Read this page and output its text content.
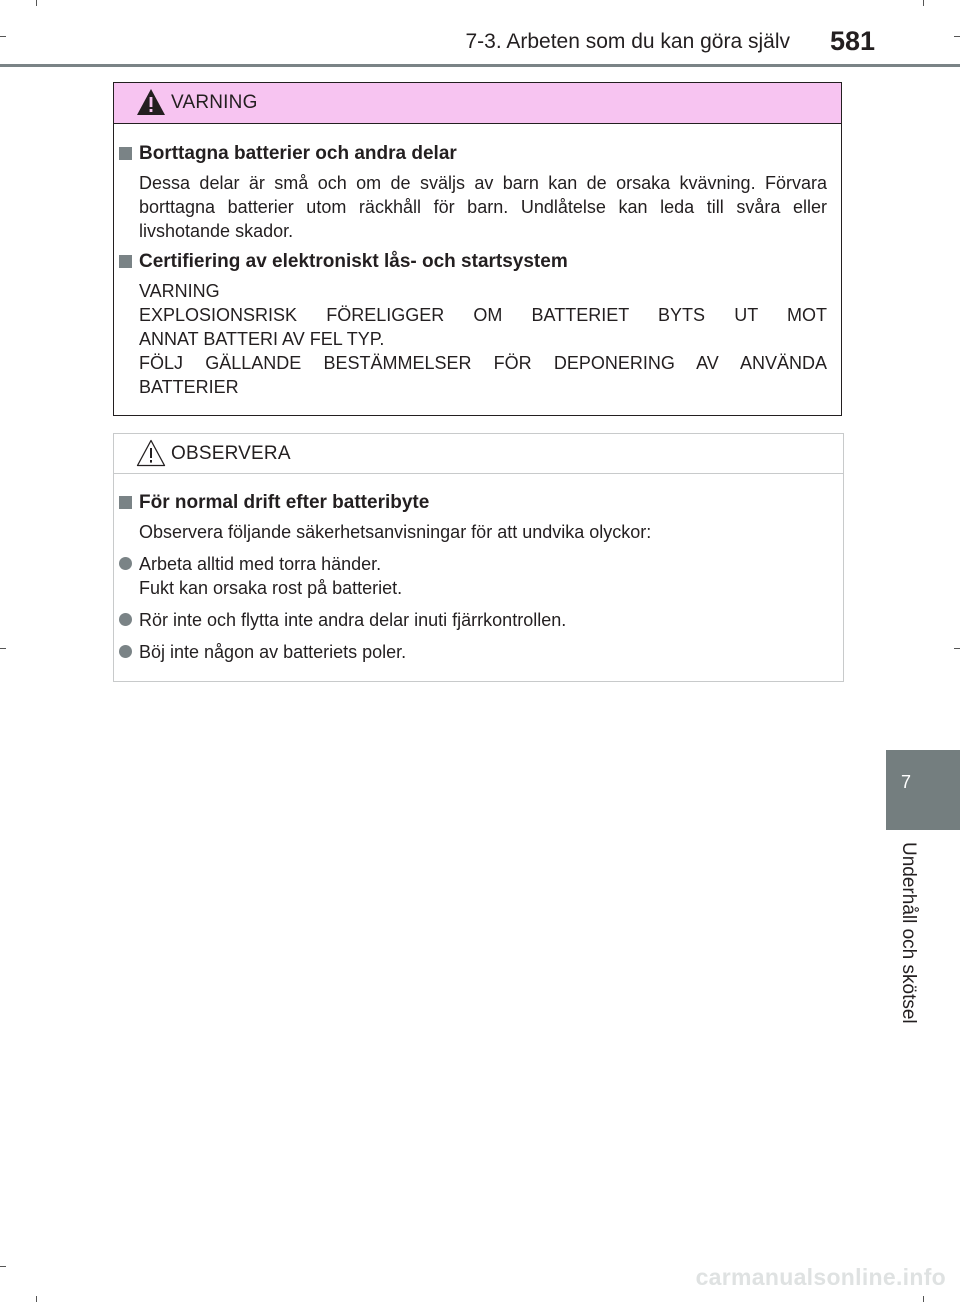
7-3. Arbeten som du kan göra själv 581
VARNING
Borttagna batterier och andra delar
Dessa delar är små och om de sväljs av barn kan de orsaka kvävning. Förvara
borttagna batterier utom räckhåll för barn. Undlåtelse kan leda till svåra eller
livshotande skador.
Certifiering av elektroniskt lås- och startsystem
VARNING
EXPLOSIONSRISK FÖRELIGGER OM BATTERIET BYTS UT MOT
ANNAT BATTERI AV FEL TYP.
FÖLJ GÄLLANDE BESTÄMMELSER FÖR DEPONERING AV ANVÄNDA
BATTERIER
OBSERVERA
För normal drift efter batteribyte
Observera följande säkerhetsanvisningar för att undvika olyckor:
Arbeta alltid med torra händer.
Fukt kan orsaka rost på batteriet.
Rör inte och flytta inte andra delar inuti fjärrkontrollen.
Böj inte någon av batteriets poler.
7
Underhåll och skötsel
carmanualsonline.info
